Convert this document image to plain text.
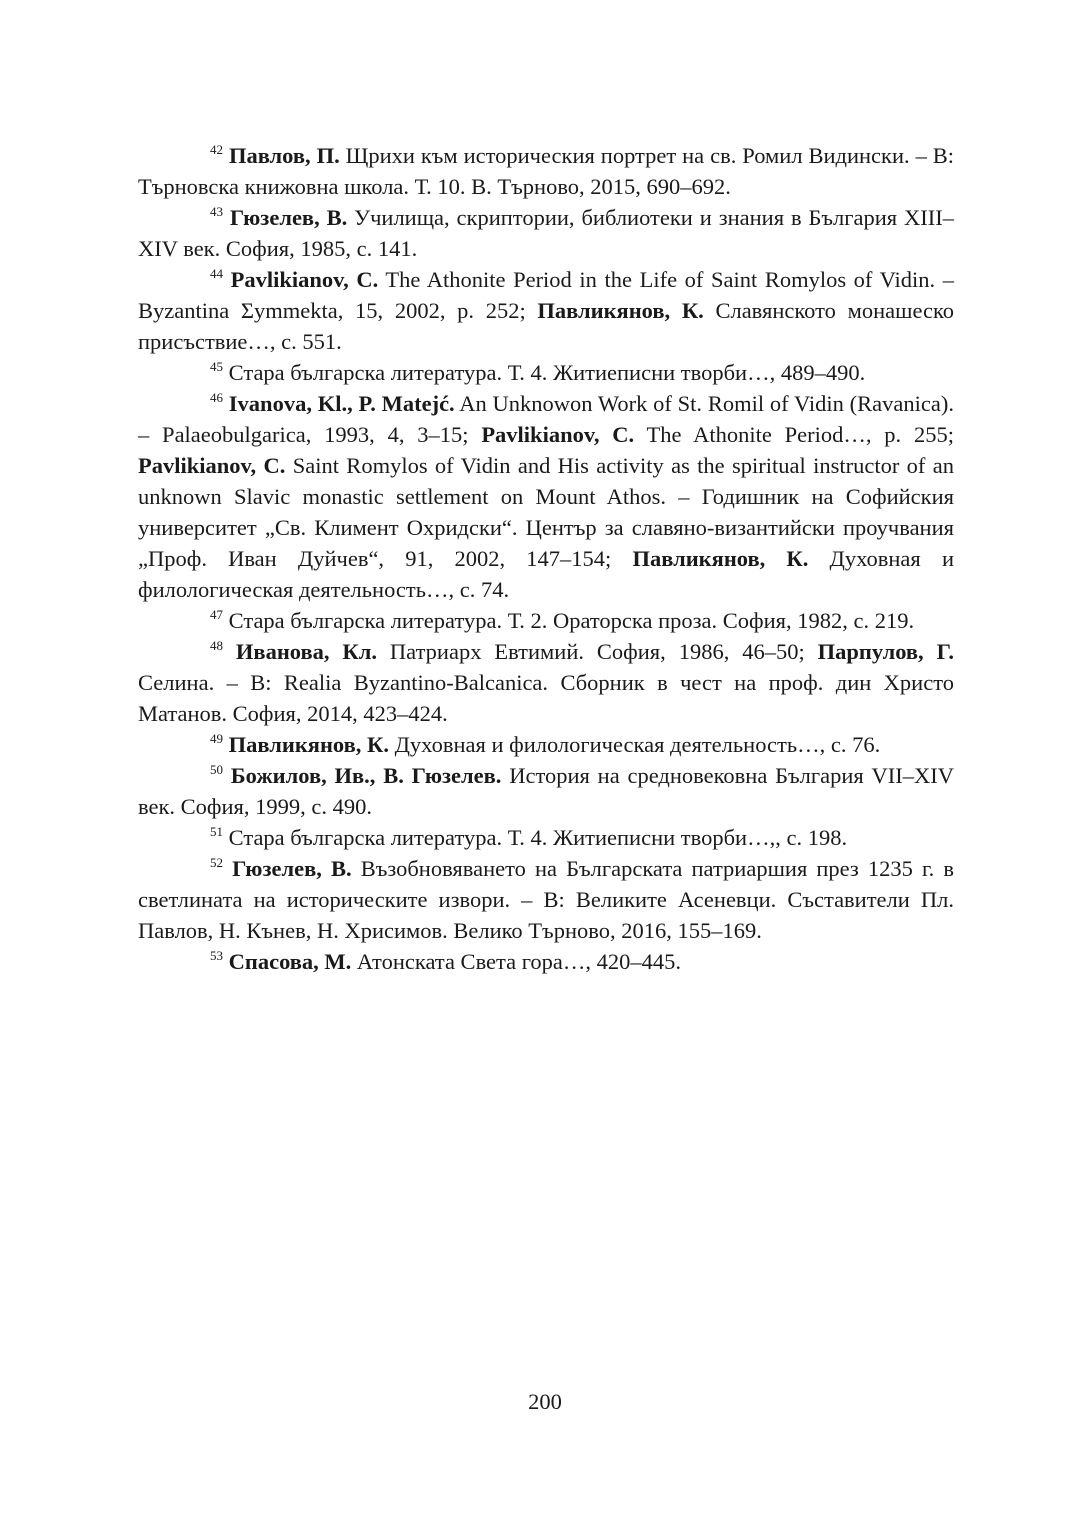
$^{42}$ Павлов, П. Щрихи към историческия портрет на св. Ромил Видински. – В: Търновска книжовна школа. Т. 10. В. Търново, 2015, 690–692.

$^{43}$ Гюзелев, В. Училища, скриптории, библиотеки и знания в България XIII–XIV век. София, 1985, с. 141.

$^{44}$ Pavlikianov, C. The Athonite Period in the Life of Saint Romylos of Vidin. – Byzantina Σymmekta, 15, 2002, p. 252; Павликянов, К. Славянското монашеско присъствие…, с. 551.

$^{45}$ Стара българска литература. Т. 4. Житиеписни творби…, 489–490.

$^{46}$ Ivanova, Kl., P. Matejć. An Unknowon Work of St. Romil of Vidin (Ravanica). – Palaeobulgarica, 1993, 4, 3–15; Pavlikianov, C. The Athonite Period…, p. 255; Pavlikianov, C. Saint Romylos of Vidin and His activity as the spiritual instructor of an unknown Slavic monastic settlement on Mount Athos. – Годишник на Софийския университет „Св. Климент Охридски“. Център за славяно-византийски проучвания „Проф. Иван Дуйчев“, 91, 2002, 147–154; Павликянов, К. Духовная и филологическая деятельность…, с. 74.

$^{47}$ Стара българска литература. Т. 2. Ораторска проза. София, 1982, с. 219.

$^{48}$ Иванова, Кл. Патриарх Евтимий. София, 1986, 46–50; Парпулов, Г. Селина. – В: Realia Byzantino-Balcanica. Сборник в чест на проф. дин Христо Матанов. София, 2014, 423–424.

$^{49}$ Павликянов, К. Духовная и филологическая деятельность…, с. 76.

$^{50}$ Божилов, Ив., В. Гюзелев. История на средновековна България VII–XIV век. София, 1999, с. 490.

$^{51}$ Стара българска литература. Т. 4. Житиеписни творби…,, с. 198.

$^{52}$ Гюзелев, В. Възобновяването на Българската патриаршия през 1235 г. в светлината на историческите извори. – В: Великите Асеневци. Съставители Пл. Павлов, Н. Кънев, Н. Хрисимов. Велико Търново, 2016, 155–169.

$^{53}$ Спасова, М. Атонската Света гора…, 420–445.

200
